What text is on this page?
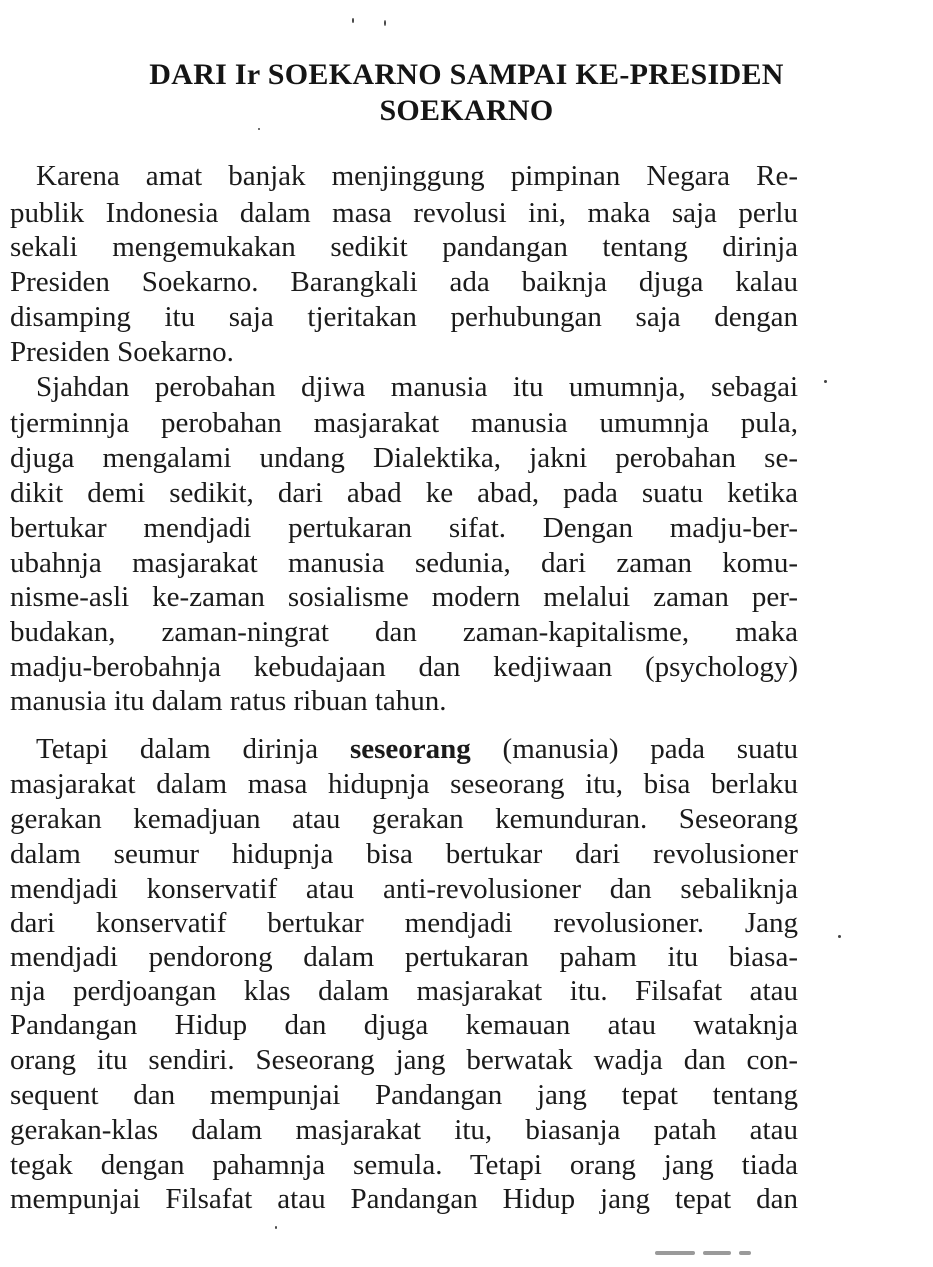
DARI Ir SOEKARNO SAMPAI KE-PRESIDEN
SOEKARNO
Karena amat banjak menjinggung pimpinan Negara Re-
publik Indonesia dalam masa revolusi ini, maka saja perlu
sekali mengemukakan sedikit pandangan tentang dirinja
Presiden Soekarno. Barangkali ada baiknja djuga kalau
disamping itu saja tjeritakan perhubungan saja dengan
Presiden Soekarno.
Sjahdan perobahan djiwa manusia itu umumnja, sebagai
tjerminnja perobahan masjarakat manusia umumnja pula,
djuga mengalami undang Dialektika, jakni perobahan se-
dikit demi sedikit, dari abad ke abad, pada suatu ketika
bertukar mendjadi pertukaran sifat. Dengan madju-ber-
ubahnja masjarakat manusia sedunia, dari zaman komu-
nisme-asli ke-zaman sosialisme modern melalui zaman per-
budakan, zaman-ningrat dan zaman-kapitalisme, maka
madju-berobahnja kebudajaan dan kedjiwaan (psychology)
manusia itu dalam ratus ribuan tahun.
Tetapi dalam dirinja seseorang (manusia) pada suatu
masjarakat dalam masa hidupnja seseorang itu, bisa berlaku
gerakan kemadjuan atau gerakan kemunduran. Seseorang
dalam seumur hidupnja bisa bertukar dari revolusioner
mendjadi konservatif atau anti-revolusioner dan sebaliknja
dari konservatif bertukar mendjadi revolusioner. Jang
mendjadi pendorong dalam pertukaran paham itu biasa-
nja perdjoangan klas dalam masjarakat itu. Filsafat atau
Pandangan Hidup dan djuga kemauan atau wataknja
orang itu sendiri. Seseorang jang berwatak wadja dan con-
sequent dan mempunjai Pandangan jang tepat tentang
gerakan-klas dalam masjarakat itu, biasanja patah atau
tegak dengan pahamnja semula. Tetapi orang jang tiada
mempunjai Filsafat atau Pandangan Hidup jang tepat dan
